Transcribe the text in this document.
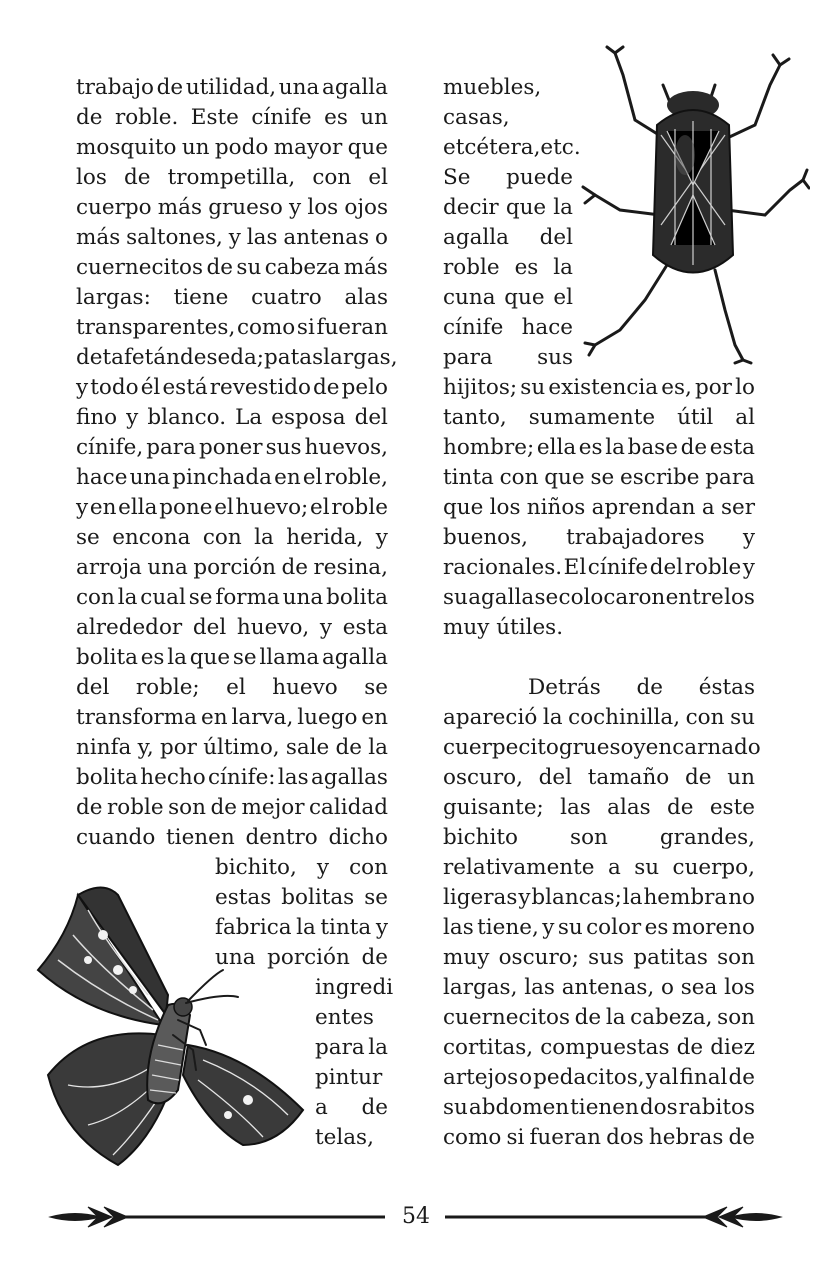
trabajo de utilidad, una agalla
de roble. Este cínife es un
mosquito un podo mayor que
los de trompetilla, con el
cuerpo más grueso y los ojos
más saltones, y las antenas o
cuernecitos de su cabeza más
largas: tiene cuatro alas
transparentes, como si fueran
de tafetán de seda; patas largas,
y todo él está revestido de pelo
fino y blanco. La esposa del
cínife, para poner sus huevos,
hace una pinchada en el roble,
y en ella pone el huevo; el roble
se encona con la herida, y
arroja una porción de resina,
con la cual se forma una bolita
alrededor del huevo, y esta
bolita es la que se llama agalla
del roble; el huevo se
transforma en larva, luego en
ninfa y, por último, sale de la
bolita hecho cínife: las agallas
de roble son de mejor calidad
cuando tienen dentro dicho
bichito, y con
estas bolitas se
fabrica la tinta y
una porción de
ingredi
entes
para la
pintur
a de
telas,
muebles,
casas,
etcétera, etc.
Se puede
decir que la
agalla del
roble es la
cuna que el
cínife hace
para sus
hijitos; su existencia es, por lo
tanto, sumamente útil al
hombre; ella es la base de esta
tinta con que se escribe para
que los niños aprendan a ser
buenos, trabajadores y
racionales. El cínife del roble y
su agalla se colocaron entre los
muy útiles.
Detrás de éstas
apareció la cochinilla, con su
cuerpecito grueso y encarnado
oscuro, del tamaño de un
guisante; las alas de este
bichito son grandes,
relativamente a su cuerpo,
ligeras y blancas; la hembra no
las tiene, y su color es moreno
muy oscuro; sus patitas son
largas, las antenas, o sea los
cuernecitos de la cabeza, son
cortitas, compuestas de diez
artejos o pedacitos, y al final de
su abdomen tienen dos rabitos
como si fueran dos hebras de
54
